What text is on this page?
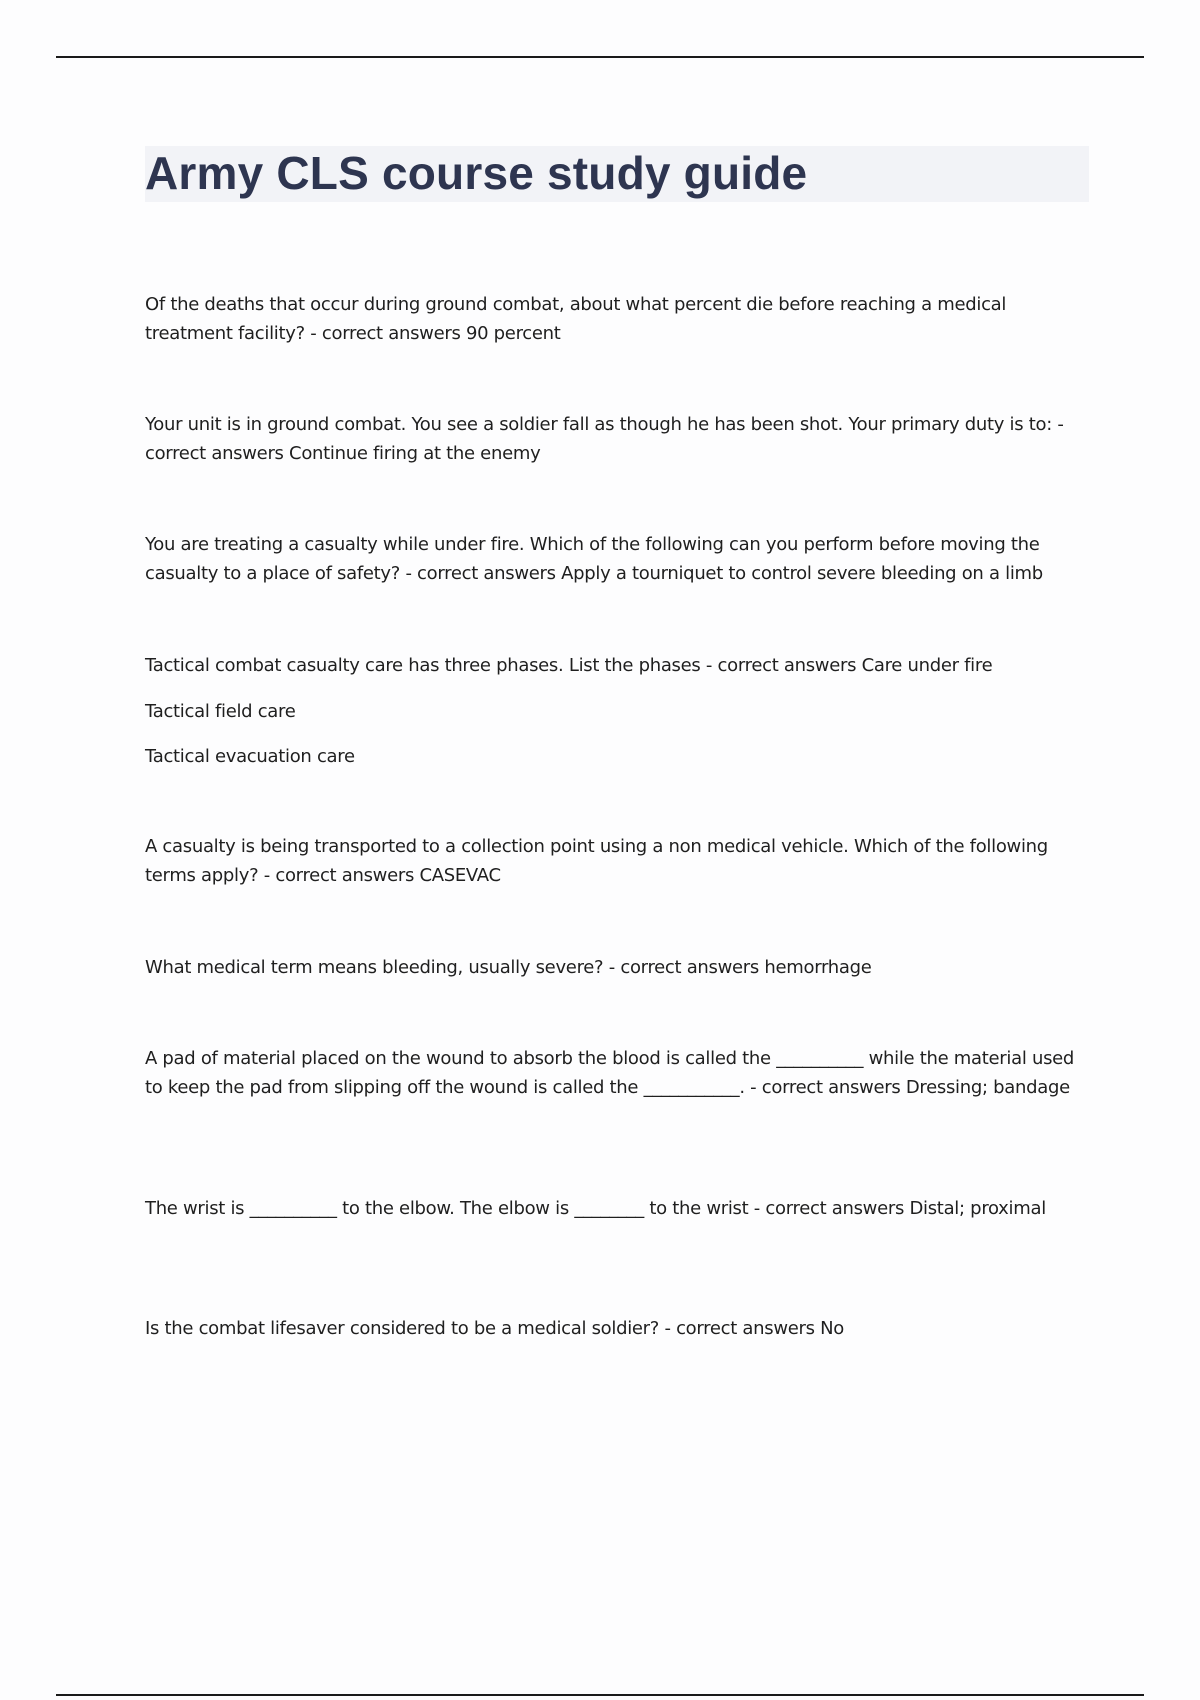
Army CLS course study guide

Of the deaths that occur during ground combat, about what percent die before reaching a medical treatment facility? - correct answers 90 percent

Your unit is in ground combat. You see a soldier fall as though he has been shot. Your primary duty is to: - correct answers Continue firing at the enemy

You are treating a casualty while under fire. Which of the following can you perform before moving the casualty to a place of safety? - correct answers Apply a tourniquet to control severe bleeding on a limb

Tactical combat casualty care has three phases. List the phases - correct answers Care under fire

Tactical field care

Tactical evacuation care

A casualty is being transported to a collection point using a non medical vehicle. Which of the following terms apply? - correct answers CASEVAC

What medical term means bleeding, usually severe? - correct answers hemorrhage

A pad of material placed on the wound to absorb the blood is called the __________ while the material used to keep the pad from slipping off the wound is called the ___________. - correct answers Dressing; bandage

The wrist is __________ to the elbow. The elbow is ________ to the wrist - correct answers Distal; proximal

Is the combat lifesaver considered to be a medical soldier? - correct answers No
